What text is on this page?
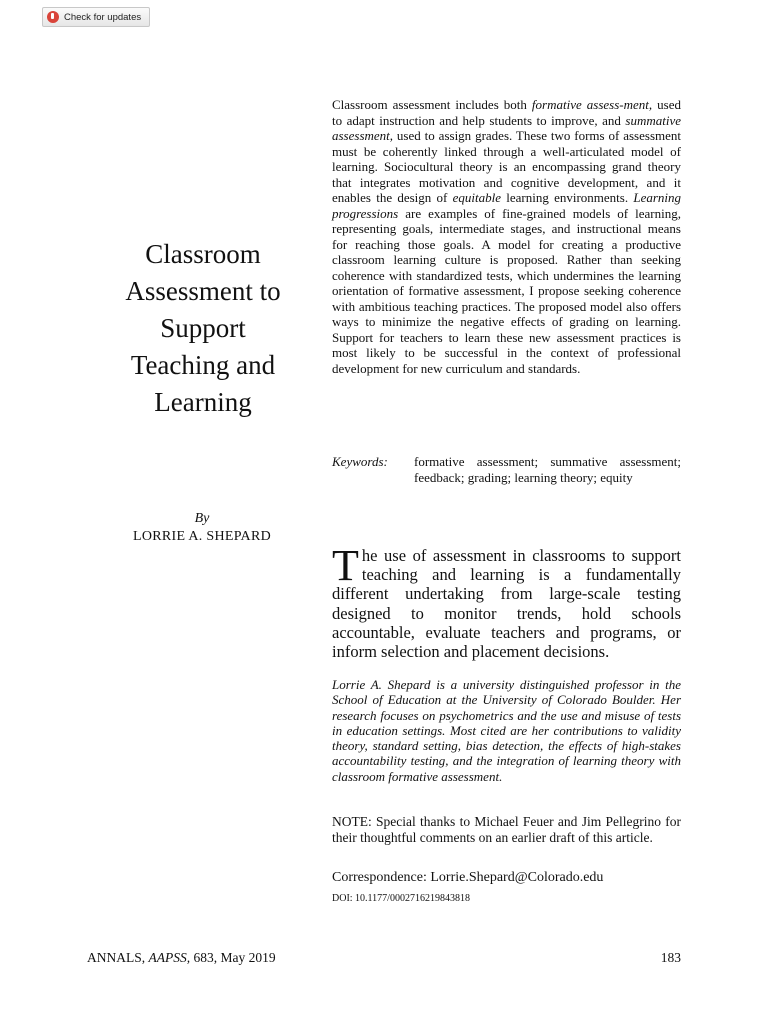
Check for updates
Classroom
Assessment to
Support
Teaching and
Learning
By
LORRIE A. SHEPARD
Classroom assessment includes both formative assess-ment, used to adapt instruction and help students to improve, and summative assessment, used to assign grades. These two forms of assessment must be coherently linked through a well-articulated model of learning. Sociocultural theory is an encompassing grand theory that integrates motivation and cognitive development, and it enables the design of equitable learning environments. Learning progressions are examples of fine-grained models of learning, representing goals, intermediate stages, and instructional means for reaching those goals. A model for creating a productive classroom learning culture is proposed. Rather than seeking coherence with standardized tests, which undermines the learning orientation of formative assessment, I propose seeking coherence with ambitious teaching practices. The proposed model also offers ways to minimize the negative effects of grading on learning. Support for teachers to learn these new assessment practices is most likely to be successful in the context of professional development for new curriculum and standards.
Keywords:	formative assessment; summative assessment; feedback; grading; learning theory; equity
The use of assessment in classrooms to support teaching and learning is a fundamentally different undertaking from large-scale testing designed to monitor trends, hold schools accountable, evaluate teachers and programs, or inform selection and placement decisions.
Lorrie A. Shepard is a university distinguished professor in the School of Education at the University of Colorado Boulder. Her research focuses on psychometrics and the use and misuse of tests in education settings. Most cited are her contributions to validity theory, standard setting, bias detection, the effects of high-stakes accountability testing, and the integration of learning theory with classroom formative assessment.
NOTE: Special thanks to Michael Feuer and Jim Pellegrino for their thoughtful comments on an earlier draft of this article.
Correspondence: Lorrie.Shepard@Colorado.edu
DOI: 10.1177/0002716219843818
ANNALS, AAPSS, 683, May 2019	183
